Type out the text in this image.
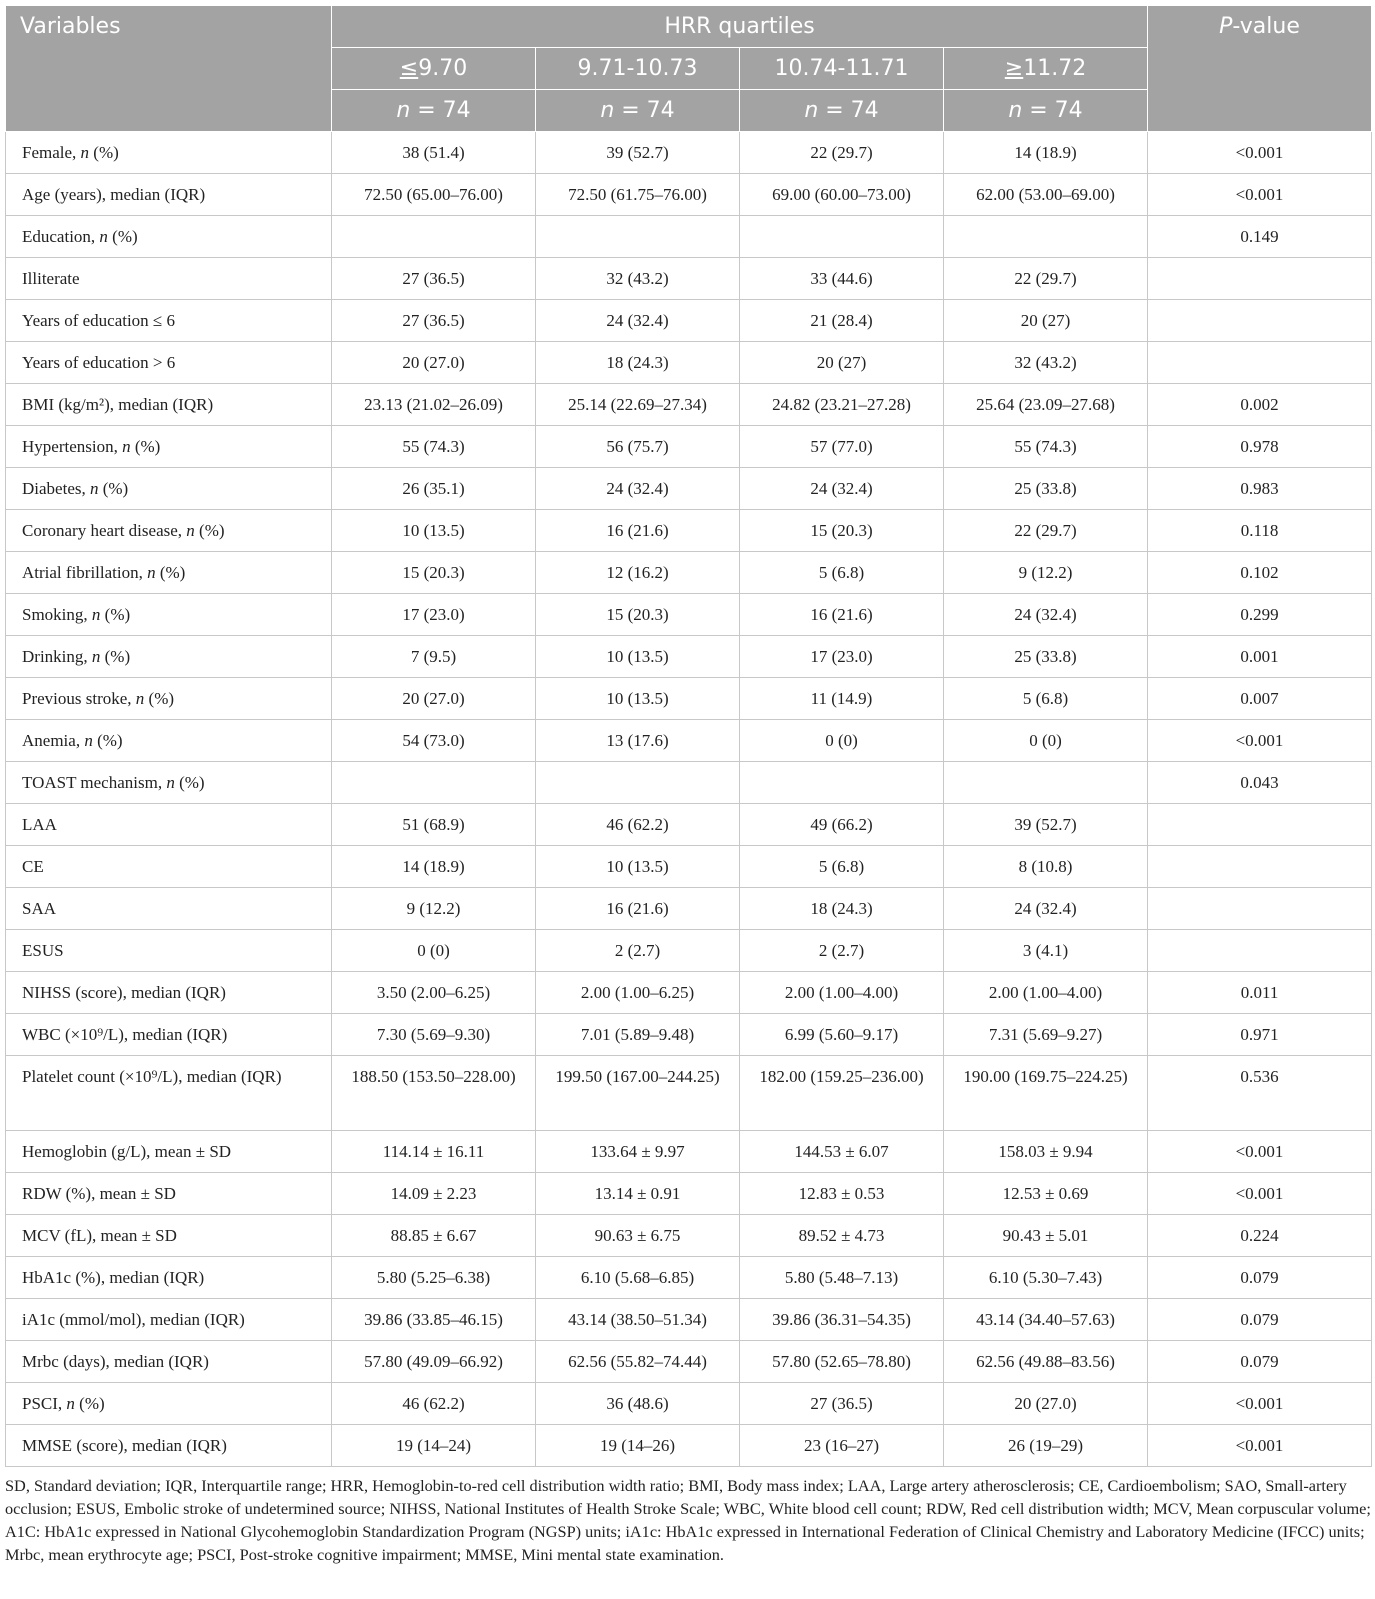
Variables	HRR quartiles				P-value
	≤9.70	9.71-10.73	10.74-11.71	≥11.72	
	n = 74	n = 74	n = 74	n = 74	
Female, n (%)	38 (51.4)	39 (52.7)	22 (29.7)	14 (18.9)	<0.001
Age (years), median (IQR)	72.50 (65.00–76.00)	72.50 (61.75–76.00)	69.00 (60.00–73.00)	62.00 (53.00–69.00)	<0.001
Education, n (%)					0.149
Illiterate	27 (36.5)	32 (43.2)	33 (44.6)	22 (29.7)	
Years of education ≤ 6	27 (36.5)	24 (32.4)	21 (28.4)	20 (27)	
Years of education > 6	20 (27.0)	18 (24.3)	20 (27)	32 (43.2)	
BMI (kg/m²), median (IQR)	23.13 (21.02–26.09)	25.14 (22.69–27.34)	24.82 (23.21–27.28)	25.64 (23.09–27.68)	0.002
Hypertension, n (%)	55 (74.3)	56 (75.7)	57 (77.0)	55 (74.3)	0.978
Diabetes, n (%)	26 (35.1)	24 (32.4)	24 (32.4)	25 (33.8)	0.983
Coronary heart disease, n (%)	10 (13.5)	16 (21.6)	15 (20.3)	22 (29.7)	0.118
Atrial fibrillation, n (%)	15 (20.3)	12 (16.2)	5 (6.8)	9 (12.2)	0.102
Smoking, n (%)	17 (23.0)	15 (20.3)	16 (21.6)	24 (32.4)	0.299
Drinking, n (%)	7 (9.5)	10 (13.5)	17 (23.0)	25 (33.8)	0.001
Previous stroke, n (%)	20 (27.0)	10 (13.5)	11 (14.9)	5 (6.8)	0.007
Anemia, n (%)	54 (73.0)	13 (17.6)	0 (0)	0 (0)	<0.001
TOAST mechanism, n (%)					0.043
LAA	51 (68.9)	46 (62.2)	49 (66.2)	39 (52.7)	
CE	14 (18.9)	10 (13.5)	5 (6.8)	8 (10.8)	
SAA	9 (12.2)	16 (21.6)	18 (24.3)	24 (32.4)	
ESUS	0 (0)	2 (2.7)	2 (2.7)	3 (4.1)	
NIHSS (score), median (IQR)	3.50 (2.00–6.25)	2.00 (1.00–6.25)	2.00 (1.00–4.00)	2.00 (1.00–4.00)	0.011
WBC (×10⁹/L), median (IQR)	7.30 (5.69–9.30)	7.01 (5.89–9.48)	6.99 (5.60–9.17)	7.31 (5.69–9.27)	0.971
Platelet count (×10⁹/L), median (IQR)	188.50 (153.50–228.00)	199.50 (167.00–244.25)	182.00 (159.25–236.00)	190.00 (169.75–224.25)	0.536
Hemoglobin (g/L), mean ± SD	114.14 ± 16.11	133.64 ± 9.97	144.53 ± 6.07	158.03 ± 9.94	<0.001
RDW (%), mean ± SD	14.09 ± 2.23	13.14 ± 0.91	12.83 ± 0.53	12.53 ± 0.69	<0.001
MCV (fL), mean ± SD	88.85 ± 6.67	90.63 ± 6.75	89.52 ± 4.73	90.43 ± 5.01	0.224
HbA1c (%), median (IQR)	5.80 (5.25–6.38)	6.10 (5.68–6.85)	5.80 (5.48–7.13)	6.10 (5.30–7.43)	0.079
iA1c (mmol/mol), median (IQR)	39.86 (33.85–46.15)	43.14 (38.50–51.34)	39.86 (36.31–54.35)	43.14 (34.40–57.63)	0.079
Mrbc (days), median (IQR)	57.80 (49.09–66.92)	62.56 (55.82–74.44)	57.80 (52.65–78.80)	62.56 (49.88–83.56)	0.079
PSCI, n (%)	46 (62.2)	36 (48.6)	27 (36.5)	20 (27.0)	<0.001
MMSE (score), median (IQR)	19 (14–24)	19 (14–26)	23 (16–27)	26 (19–29)	<0.001
SD, Standard deviation; IQR, Interquartile range; HRR, Hemoglobin-to-red cell distribution width ratio; BMI, Body mass index; LAA, Large artery atherosclerosis; CE, Cardioembolism; SAO, Small-artery occlusion; ESUS, Embolic stroke of undetermined source; NIHSS, National Institutes of Health Stroke Scale; WBC, White blood cell count; RDW, Red cell distribution width; MCV, Mean corpuscular volume; A1C: HbA1c expressed in National Glycohemoglobin Standardization Program (NGSP) units; iA1c: HbA1c expressed in International Federation of Clinical Chemistry and Laboratory Medicine (IFCC) units; Mrbc, mean erythrocyte age; PSCI, Post-stroke cognitive impairment; MMSE, Mini mental state examination.
